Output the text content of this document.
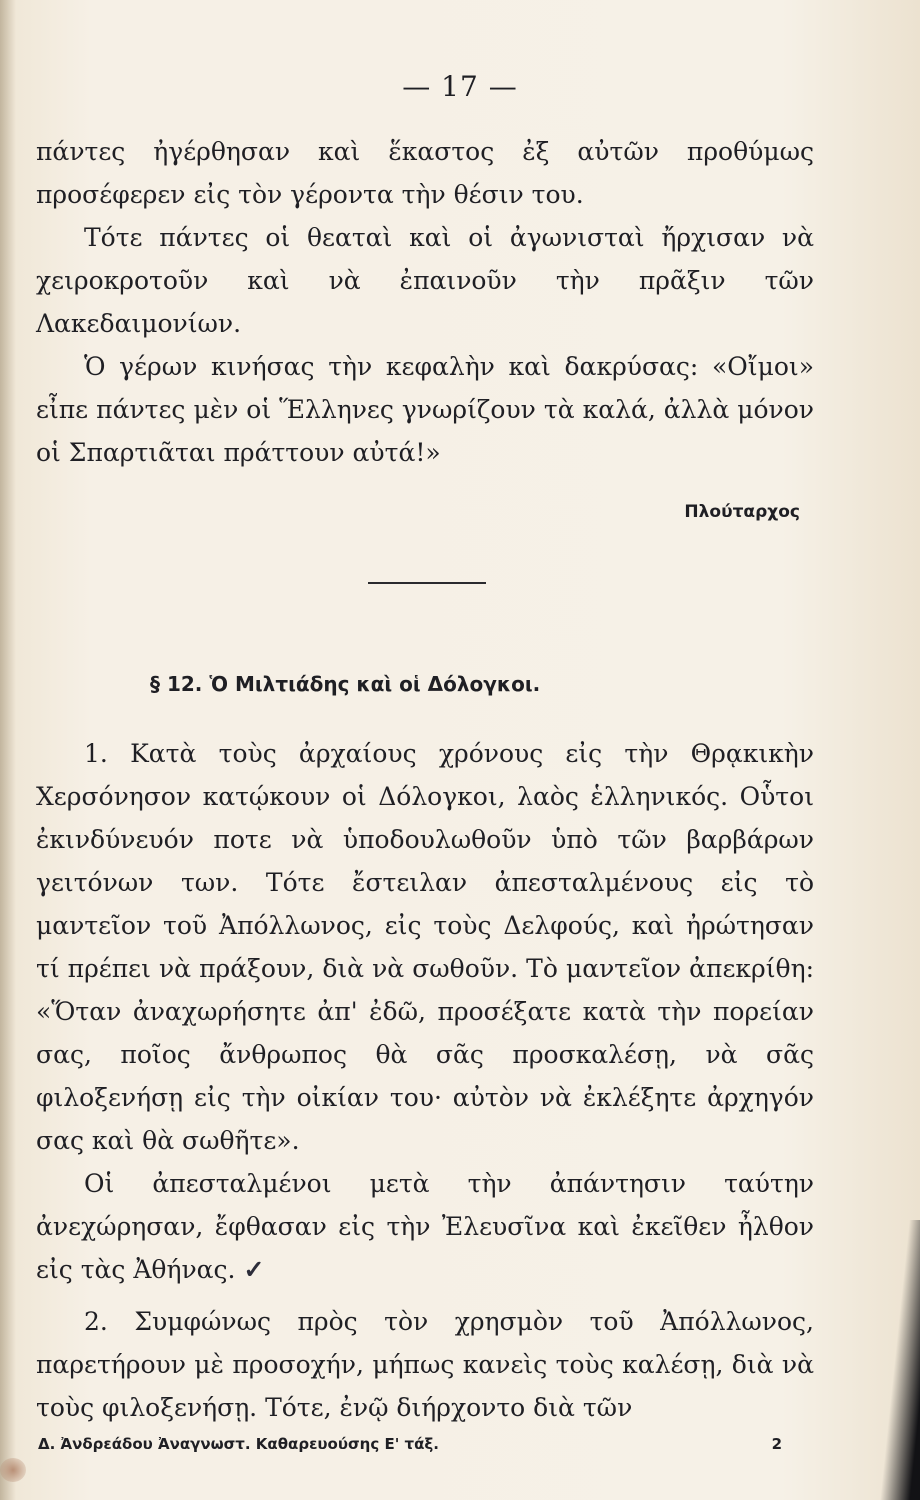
— 17 —

πάντες ἠγέρθησαν καὶ ἕκαστος ἐξ αὐτῶν προθύμως προσέφερεν εἰς τὸν γέροντα τὴν θέσιν του.

Τότε πάντες οἱ θεαταὶ καὶ οἱ ἀγωνισταὶ ἤρχισαν νὰ χειροκροτοῦν καὶ νὰ ἐπαινοῦν τὴν πρᾶξιν τῶν Λακεδαιμονίων.

Ὁ γέρων κινήσας τὴν κεφαλὴν καὶ δακρύσας: «Οἴμοι» εἶπε πάντες μὲν οἱ Ἕλληνες γνωρίζουν τὰ καλά, ἀλλὰ μόνον οἱ Σπαρτιᾶται πράττουν αὐτά!»

Πλούταρχος
§ 12. Ὁ Μιλτιάδης καὶ οἱ Δόλογκοι.

1. Κατὰ τοὺς ἀρχαίους χρόνους εἰς τὴν Θρᾳκικὴν Χερσόνησον κατῴκουν οἱ Δόλογκοι, λαὸς ἑλληνικός. Οὗτοι ἐκινδύνευόν ποτε νὰ ὑποδουλωθοῦν ὑπὸ τῶν βαρβάρων γειτόνων των. Τότε ἔστειλαν ἀπεσταλμένους εἰς τὸ μαντεῖον τοῦ Ἀπόλλωνος, εἰς τοὺς Δελφούς, καὶ ἠρώτησαν τί πρέπει νὰ πράξουν, διὰ νὰ σωθοῦν. Τὸ μαντεῖον ἀπεκρίθη: «Ὅταν ἀναχωρήσητε ἀπ' ἐδῶ, προσέξατε κατὰ τὴν πορείαν σας, ποῖος ἄνθρωπος θὰ σᾶς προσκαλέσῃ, νὰ σᾶς φιλοξενήσῃ εἰς τὴν οἰκίαν του· αὐτὸν νὰ ἐκλέξητε ἀρχηγόν σας καὶ θὰ σωθῆτε».

Οἱ ἀπεσταλμένοι μετὰ τὴν ἀπάντησιν ταύτην ἀνεχώρησαν, ἔφθασαν εἰς τὴν Ἐλευσῖνα καὶ ἐκεῖθεν ἦλθον εἰς τὰς Ἀθήνας. ✓

2. Συμφώνως πρὸς τὸν χρησμὸν τοῦ Ἀπόλλωνος, παρετήρουν μὲ προσοχήν, μήπως κανεὶς τοὺς καλέσῃ, διὰ νὰ τοὺς φιλοξενήσῃ. Τότε, ἐνῷ διήρχοντο διὰ τῶν

Δ. Ἀνδρεάδου Ἀναγνωστ. Καθαρευούσης Ε' τάξ.	2
